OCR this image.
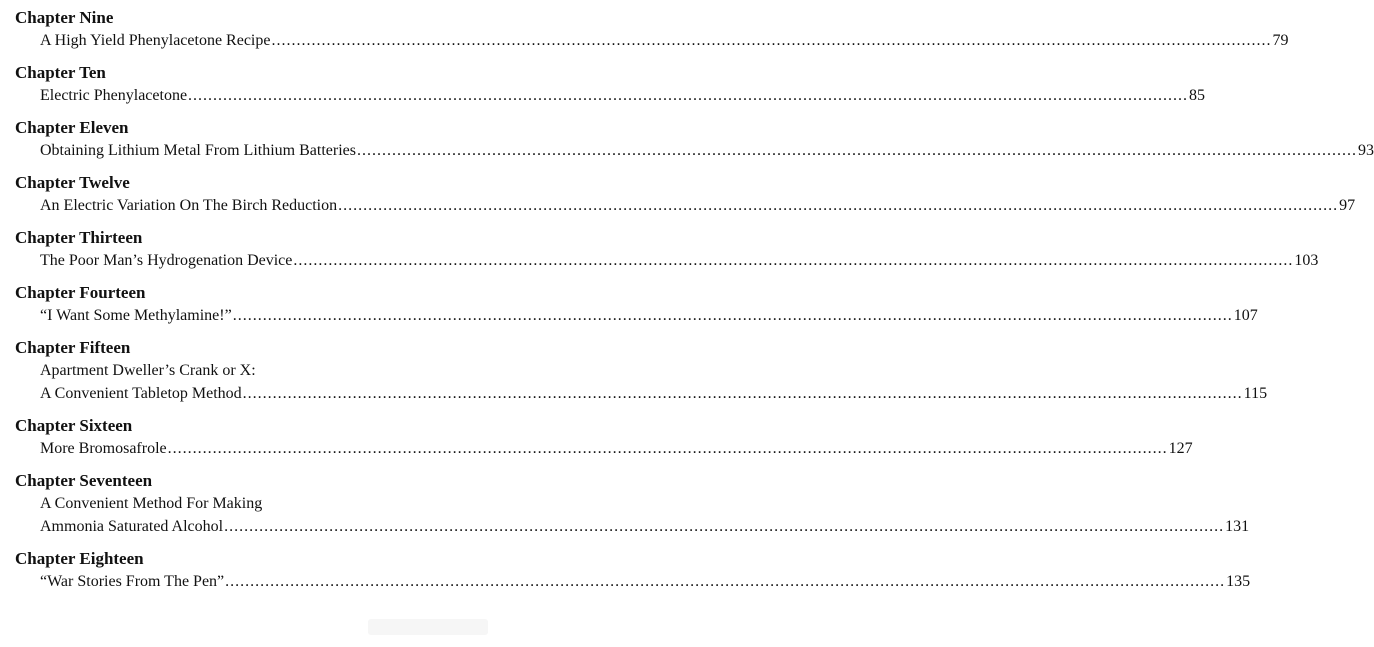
Chapter Nine
A High Yield Phenylacetone Recipe ........................................................................................................................................................................................................ 79
Chapter Ten
Electric Phenylacetone ........................................................................................................................................................................................................ 85
Chapter Eleven
Obtaining Lithium Metal From Lithium Batteries ........................................................................................................................................................................................................ 93
Chapter Twelve
An Electric Variation On The Birch Reduction ........................................................................................................................................................................................................ 97
Chapter Thirteen
The Poor Man’s Hydrogenation Device ........................................................................................................................................................................................................ 103
Chapter Fourteen
“I Want Some Methylamine!” ........................................................................................................................................................................................................ 107
Chapter Fifteen
Apartment Dweller’s Crank or X:
A Convenient Tabletop Method ........................................................................................................................................................................................................ 115
Chapter Sixteen
More Bromosafrole ........................................................................................................................................................................................................ 127
Chapter Seventeen
A Convenient Method For Making
Ammonia Saturated Alcohol ........................................................................................................................................................................................................ 131
Chapter Eighteen
“War Stories From The Pen” ........................................................................................................................................................................................................ 135
